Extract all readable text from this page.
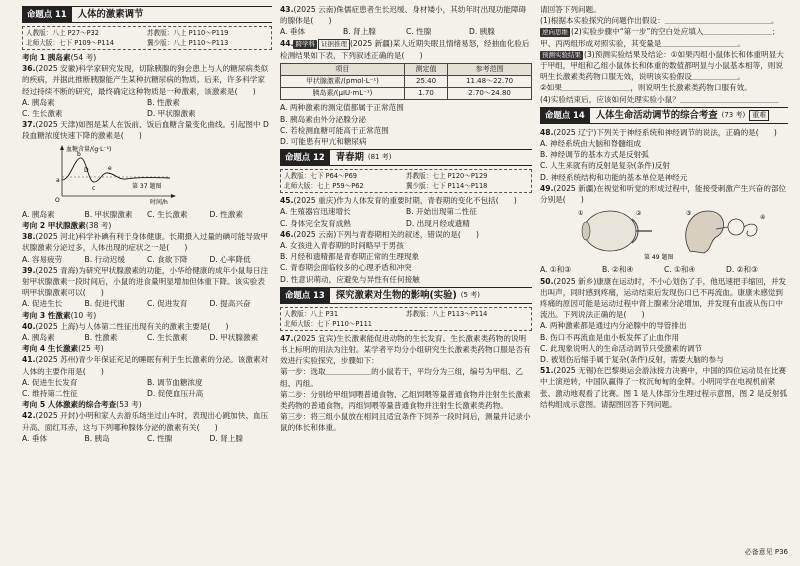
命题点 11	人体的激素调节
人教版：八上 P27～P32	苏教版：八上 P110～P119
北师大版：七下 P109～P114	冀少版：八上 P110～P113
考向 1 胰岛素(54 考)

36.(2025 安徽)科学家研究发现，切除胰腺的狗会患上与人的糖尿病类似的疾病，并据此推断胰腺能产生某种抗糖尿病的物质。后来，许多科学家经过持续不断的研究，最终确定这种物质是一种激素，该激素是(　　)

A. 胰岛素	B. 性激素
C. 生长激素	D. 甲状腺激素

37.(2025 天津)如图是某人在饭前、饭后血糖含量变化曲线。引起图中 D 段血糖浓度快速下降的激素是(　　)

血糖含量/(g·L⁻¹)
时间/h
O
a
b
D
c
e
第 37 题图
A. 胰岛素	B. 甲状腺激素	C. 生长激素	D. 性激素
考向 2 甲状腺激素(38 考)

38.(2025 河北)科学补碘有利于身体健康。长期摄入过量的碘可能导致甲状腺激素分泌过多，人体出现的症状之一是(　　)

A. 容易疲劳	B. 行动迟缓	C. 食欲下降	D. 心率降低

39.(2025 青海)为研究甲状腺激素的功能，小华给健康的成年小鼠每日注射甲状腺激素一段时间后，小鼠的进食量明显增加但体重下降。该实验表明甲状腺激素可以(　　)

A. 促进生长	B. 促进代谢	C. 促进发育	D. 提高兴奋
考向 3 性激素(10 考)

40.(2025 上海)与人体第二性征出现有关的激素主要是(　　)

A. 胰岛素	B. 性激素	C. 生长激素	D. 甲状腺激素
考向 4 生长激素(25 考)

41.(2025 苏州)青少年保证充足的睡眠有利于生长激素的分泌。该激素对人体的主要作用是(　　)

A. 促进生长发育	B. 调节血糖浓度
C. 维持第二性征	D. 促使血压升高
考向 5 人体激素的综合考查(53 考)

42.(2025 开封)小明和家人去游乐场坐过山车时，表现出心跳加快、血压升高、面红耳赤，这与下列哪种腺体分泌的激素有关(　　)

A. 垂体	B. 胰岛	C. 性腺	D. 肾上腺

43.(2025 云南)侏儒症患者生长迟缓、身材矮小，其幼年时出现功能障碍的腺体是(　　)

A. 垂体	B. 肾上腺	C. 性腺	D. 胰腺

44. 跨学科 证据推理 (2025 新疆)某人近期失眠且情绪易怒，经抽血化验后检测结果如下表，下列叙述正确的是(　　)

项目	测定值	参考范围
甲状腺激素/(pmol·L⁻¹)	25.40	11.48～22.70
胰岛素/(μIU·mL⁻¹)	1.70	2.70～24.80
A. 两种激素的测定值都属于正常范围
B. 胰岛素由外分泌腺分泌
C. 若检测血糖可能高于正常范围
D. 可能患有甲亢和糖尿病
命题点 12	青春期 (81 考)
人教版：七下 P64～P69	苏教版：七上 P120～P129
北师大版：七上 P59～P62	冀少版：七下 P114～P118

45.(2025 重庆)作为人体发育的重要时期，青春期的变化不包括(　　)

A. 生殖器官迅速增长	B. 开始出现第二性征
C. 身体完全发育成熟	D. 出现月经或遗精

46.(2025 云南)下列与青春期相关的叙述，错误的是(　　)

A. 女孩进入青春期的时间略早于男孩
B. 月经和遗精都是青春期正常的生理现象
C. 青春期会面临较多的心理矛盾和冲突
D. 性意识萌动，应避免与异性有任何接触
命题点 13	探究激素对生物的影响(实验) (5 考)
人教版：八上 P31	苏教版：八上 P113～P114
北师大版：七下 P110～P111

47.(2025 宜宾)生长激素能促进动物的生长发育。生长激素类药物的说明书上标明的用法为注射。某学者平均分小组研究生长激素类药物口服是否有效进行实验探究，步骤如下：

第一步：选取＿＿＿＿＿＿的小鼠若干，平均分为三组，编号为甲组、乙组、丙组。

第二步：分别给甲组饲喂普通食物、乙组饲喂等量普通食物并注射生长激素类药物的普通食物，丙组饲喂等量普通食物并注射生长激素类药物。

第三步：将三组小鼠放在相同且适宜条件下饲养一段时间后，测量并记录小鼠的体长和体重。

请回答下列问题。

(1)根据本实验探究的问题作出假设：＿＿＿＿＿＿＿＿＿＿＿＿＿＿。

逆向思维 (2)实验步骤中“第一步”的空白处应填入＿＿＿＿＿＿＿＿＿；甲、丙两组形成对照实验，其变量是＿＿＿＿＿＿＿＿＿＿。

预测实验结果 (3)预测实验结果及结论：①如果丙组小鼠体长和体重明显大于甲组，甲组和乙组小鼠体长和体重的数值都明显与小鼠基本相等，则说明生长激素类药物口服无效，说明该实验假设＿＿＿＿＿＿。

②如果＿＿＿＿＿＿＿＿＿，则说明生长激素类药物口服有效。

(4)实验结束后，应该如何处理实验小鼠？＿＿＿＿＿＿＿＿＿＿＿＿＿

命题点 14	人体生命活动调节的综合考查 (73 考)	重难

48.(2025 辽宁)下列关于神经系统和神经调节的说法，正确的是(　　)

A. 神经系统由大脑和脊髓组成
B. 神经调节的基本方式是反射弧
C. 人生来就有的反射是复杂(条件)反射
D. 神经系统结构和功能的基本单位是神经元

49.(2025 新疆)在视觉和听觉的形成过程中，能接受刺激产生兴奋的部位分别是(　　)

①	②	③
④
第 49 题图
A. ①和③	B. ②和④	C. ①和④	D. ②和③

50.(2025 新乡)康康在运动时，不小心划伤了手，他迅速把手缩回，并发出叫声，同时感到疼痛，运动结束后发现伤口已不再流血。康康未感觉到疼痛的原因可能是运动过程中肾上腺素分泌增加，并发现有血液从伤口中流出。下列说法正确的是(　　)

A. 两种激素都是通过内分泌腺中的导管排出
B. 伤口不再流血是血小板发挥了止血作用
C. 此现象说明人的生命活动调节只受激素的调节
D. 被划伤后缩手属于复杂(条件)反射，需要大脑的参与

51.(2025 无锡)在巴黎奥运会游泳接力决赛中，中国的四位运动员在比赛中上演逆转，中国队赢得了一枚沉甸甸的金牌。小明同学在电视机前紧张、激动地观看了比赛。图 1 是人体部分生理过程示意图，图 2 是反射弧结构组成示意图。请据图回答下列问题。

必备意见 P36
